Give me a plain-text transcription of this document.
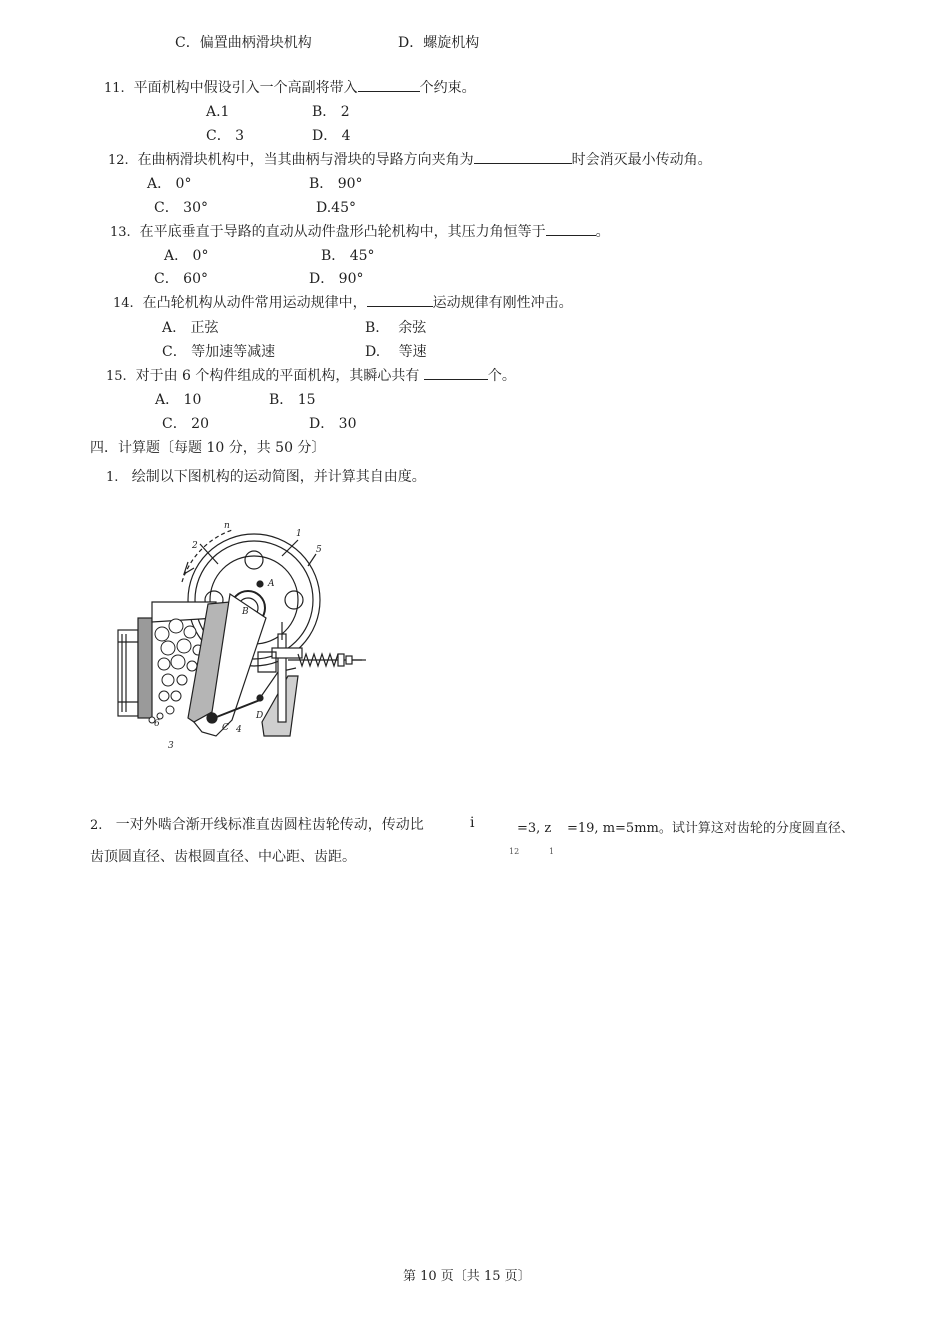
C．偏置曲柄滑块机构	D．螺旋机构
11. 平面机构中假设引入一个高副将带入	个约束。
A.1	B． 2
C． 3	D． 4
12. 在曲柄滑块机构中，当其曲柄与滑块的导路方向夹角为	时会消灭最小传动角。
A． 0°	B． 90°
C． 30°	D.45°
13. 在平底垂直于导路的直动从动件盘形凸轮机构中，其压力角恒等于	。
A． 0°	B． 45°
C． 60°	D． 90°
14. 在凸轮机构从动件常用运动规律中，	运动规律有刚性冲击。
A.　正弦	B.　 余弦
C． 等加速等减速	D.　 等速
15. 对于由 6 个构件组成的平面机构，其瞬心共有	个。
A． 10	B． 15
C． 20	D． 30
四．计算题〔每题 10 分，共 50 分〕
1. 绘制以下图机构的运动简图，并计算其自由度。
n
2
1
5
A
B
C
D
3
4
6
2. 一对外啮合渐开线标准直齿圆柱齿轮传动，传动比	i	=3, z =19, m=5mm。试计算这对齿轮的分度圆直径、
12	1
齿顶圆直径、齿根圆直径、中心距、齿距。
第 10 页〔共 15 页〕
